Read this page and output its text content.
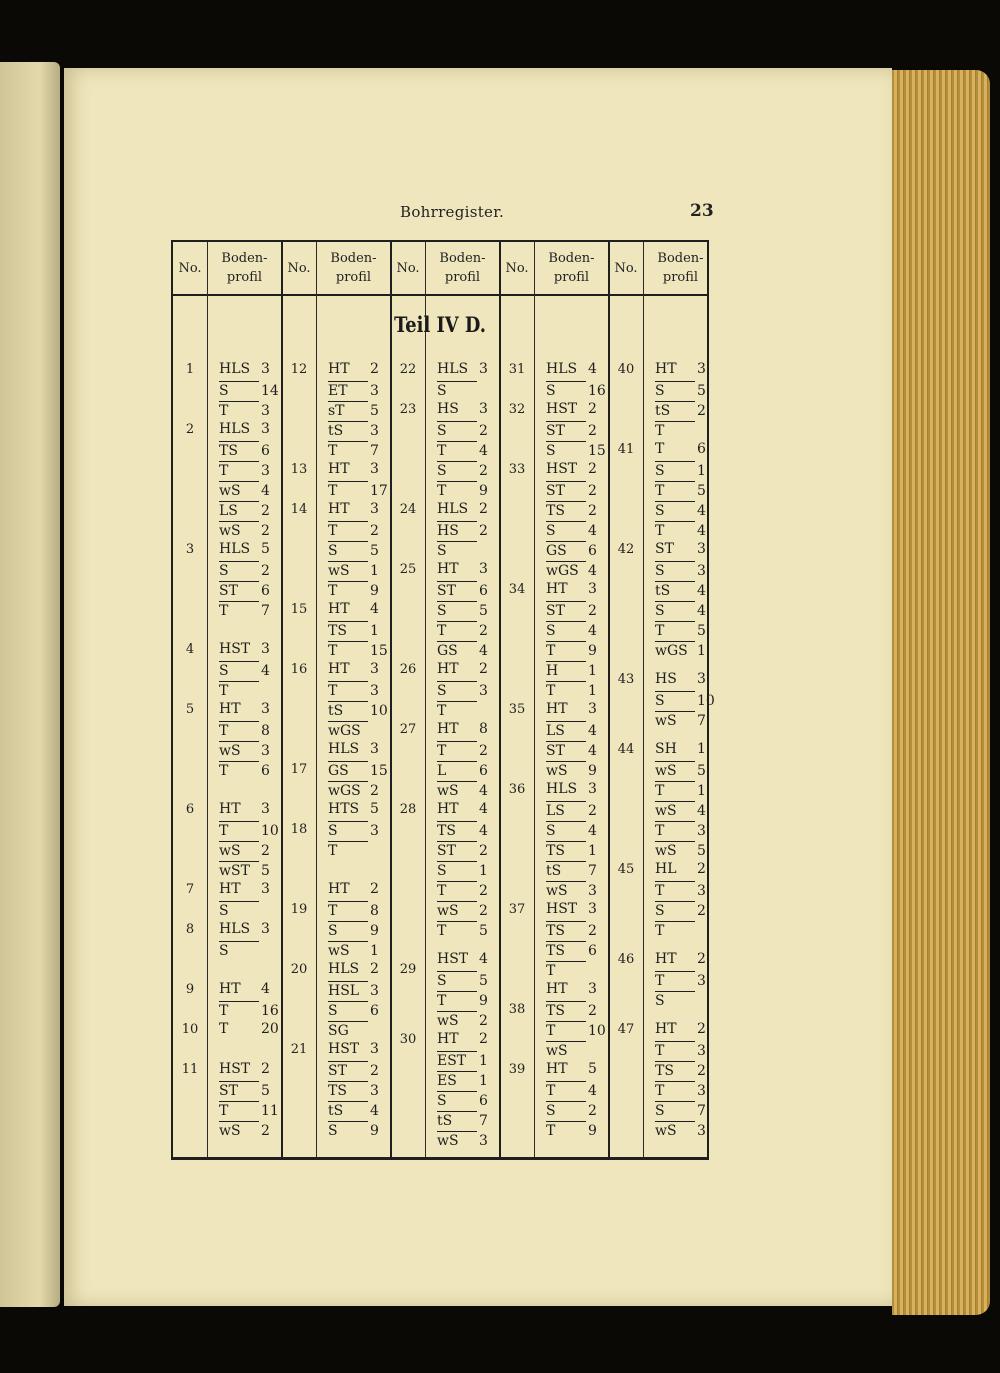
Bohrregister.	23
Teil IV D.
1
2
3
4
5
6
7
8
9
10
11
HLS 3
S 14
T 3
HLS 3
TS 6
T 3
wS 4
LS 2
wS 2
HLS 5
S 2
ST 6
T 7
HST 3
S 4
T
HT 3
T 8
wS 3
T 6
HT 3
T 10
wS 2
wST 5
HT 3
S
HLS 3
S
HT 4
T 16
T 20
HST 2
ST 5
T 11
wS 2
12
13
14
15
16
17
18
19
20
21
HT 2
ET 3
sT 5
tS 3
T 7
HT 3
T 17
HT 3
T 2
S 5
wS 1
T 9
HT 4
TS 1
T 15
HT 3
T 3
tS 10
wGS
HLS 3
GS 15
wGS 2
HTS 5
S 3
T
HT 2
T 8
S 9
wS 1
HLS 2
HSL 3
S 6
SG
HST 3
ST 2
TS 3
tS 4
S 9
22
23
24
25
26
27
28
29
30
HLS 3
S
HS 3
S 2
T 4
S 2
T 9
HLS 2
HS 2
S
HT 3
ST 6
S 5
T 2
GS 4
HT 2
S 3
T
HT 8
T 2
L 6
wS 4
HT 4
TS 4
ST 2
S 1
T 2
wS 2
T 5
HST 4
S 5
T 9
wS 2
HT 2
EST 1
ES 1
S 6
tS 7
wS 3
31
32
33
34
35
36
37
38
39
HLS 4
S 16
HST 2
ST 2
S 15
HST 2
ST 2
TS 2
S 4
GS 6
wGS 4
HT 3
ST 2
S 4
T 9
H 1
T 1
HT 3
LS 4
ST 4
wS 9
HLS 3
LS 2
S 4
TS 1
tS 7
wS 3
HST 3
TS 2
TS 6
T
HT 3
TS 2
T 10
wS
HT 5
T 4
S 2
T 9
40
41
42
43
44
45
46
47
HT 3
S 5
tS 2
T
T 6
S 1
T 5
S 4
T 4
ST 3
S 3
tS 4
S 4
T 5
wGS 1
HS 3
S 10
wS 7
SH 1
wS 5
T 1
wS 4
T 3
wS 5
HL 2
T 3
S 2
T
HT 2
T 3
S
HT 2
T 3
TS 2
T 3
S 7
wS 3
No.
Boden-
profil
No.
Boden-
profil
No.
Boden-
profil
No.
Boden-
profil
No.
Boden-
profil
